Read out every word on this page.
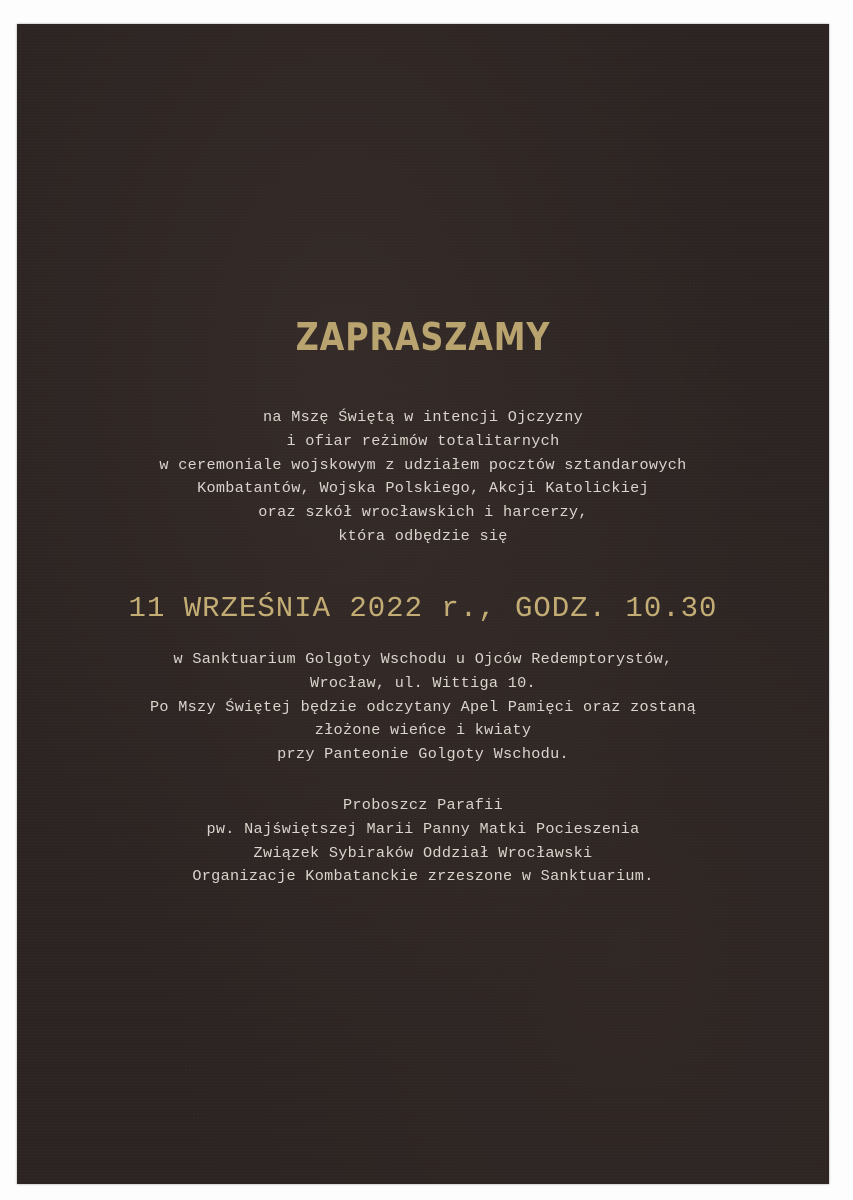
ZAPRASZAMY
na Mszę Świętą w intencji Ojczyzny
i ofiar reżimów totalitarnych
w ceremoniale wojskowym z udziałem pocztów sztandarowych
Kombatantów, Wojska Polskiego, Akcji Katolickiej
oraz szkół wrocławskich i harcerzy,
która odbędzie się
11 WRZEŚNIA 2022 r., GODZ. 10.30
w Sanktuarium Golgoty Wschodu u Ojców Redemptorystów,
Wrocław, ul. Wittiga 10.
Po Mszy Świętej będzie odczytany Apel Pamięci oraz zostaną
złożone wieńce i kwiaty
przy Panteonie Golgoty Wschodu.
Proboszcz Parafii
pw. Najświętszej Marii Panny Matki Pocieszenia
Związek Sybiraków Oddział Wrocławski
Organizacje Kombatanckie zrzeszone w Sanktuarium.
